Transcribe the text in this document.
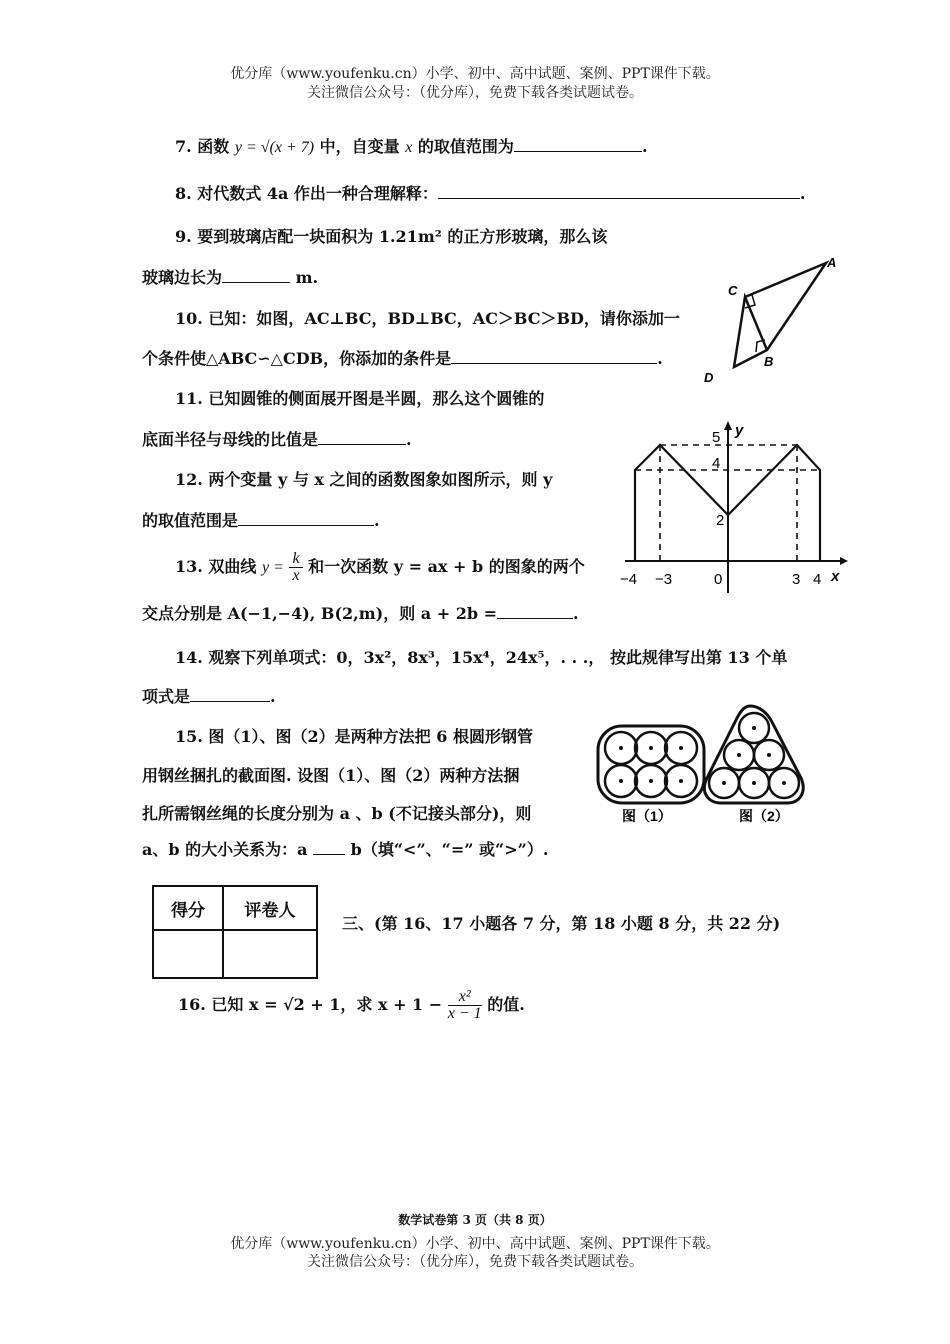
优分库（www.youfenku.cn）小学、初中、高中试题、案例、PPT课件下载。
关注微信公众号：（优分库），免费下载各类试题试卷。
7. 函数 y = √(x + 7) 中，自变量 x 的取值范围为	.
8. 对代数式 4a 作出一种合理解释：	.
9. 要到玻璃店配一块面积为 1.21m² 的正方形玻璃，那么该
玻璃边长为	m.
C
A
B
D
10. 已知：如图，AC⊥BC，BD⊥BC，AC＞BC＞BD，请你添加一
个条件使△ABC∽△CDB，你添加的条件是	.
11. 已知圆锥的侧面展开图是半圆，那么这个圆锥的
底面半径与母线的比值是	.	y
x
5
4
2
−4 −3	0	3 4
12. 两个变量 y 与 x 之间的函数图象如图所示，则 y
的取值范围是	.
13. 双曲线 $y = \frac{k}{x}$ 和一次函数 y = ax + b 的图象的两个
交点分别是 A(−1,−4), B(2,m)，则 a + 2b =	.
14. 观察下列单项式：0，3x²，8x³，15x⁴，24x⁵，. . .， 按此规律写出第 13 个单
项式是	.
15. 图（1）、图（2）是两种方法把 6 根圆形钢管
用钢丝捆扎的截面图. 设图（1）、图（2）两种方法捆
扎所需钢丝绳的长度分别为 a 、b (不记接头部分)，则
a、b 的大小关系为：a  b（填“<”、“=” 或“>”）.
图（1）	图（2）
得分	评卷人

三、(第 16、17 小题各 7 分，第 18 小题 8 分，共 22 分)
16. 已知 x = √2 + 1，求 $x + 1 - \frac{\text{x²}}{x - 1}$ 的值.
数学试卷第 3 页（共 8 页）
优分库（www.youfenku.cn）小学、初中、高中试题、案例、PPT课件下载。
关注微信公众号：（优分库），免费下载各类试题试卷。
